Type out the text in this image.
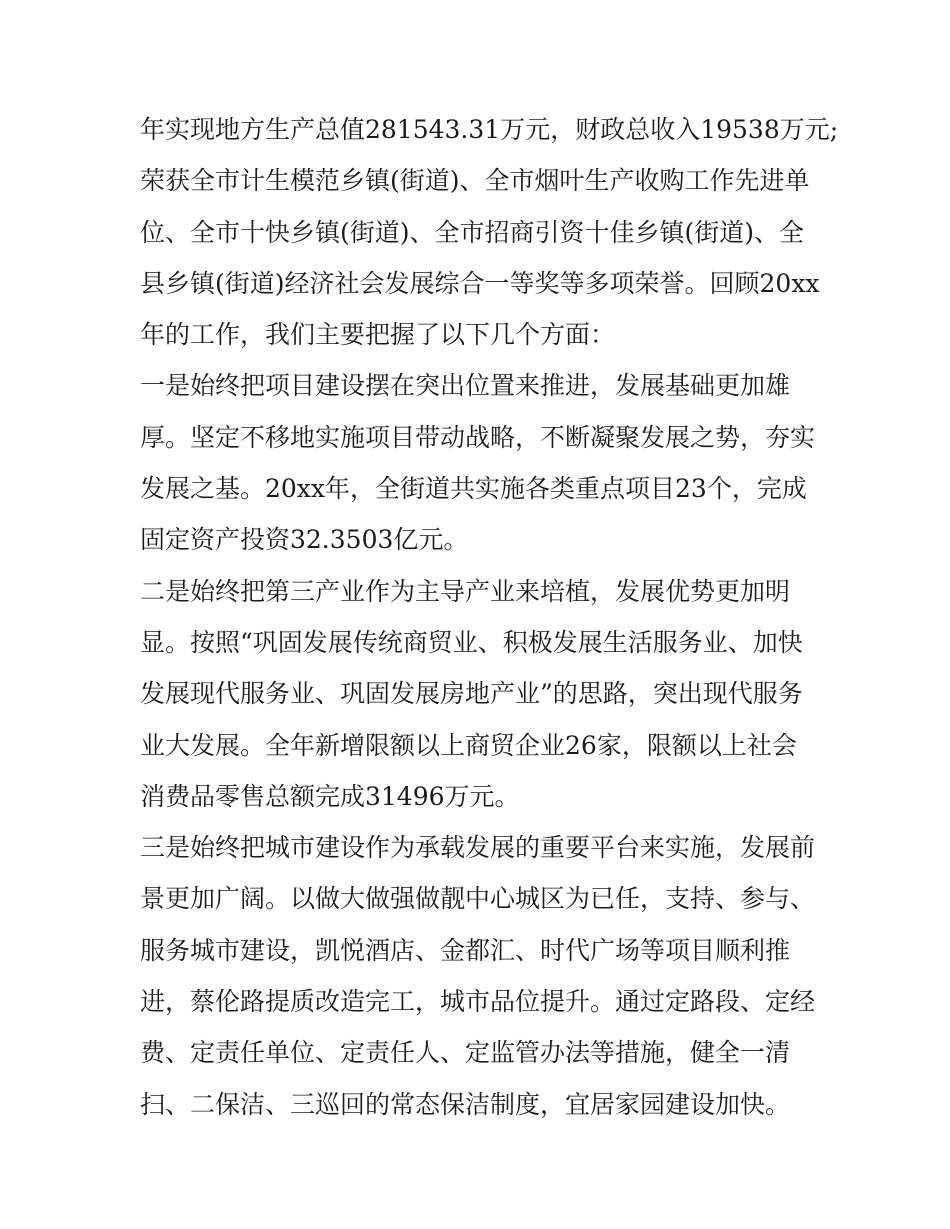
年实现地方生产总值281543.31万元，财政总收入19538万元;
荣获全市计生模范乡镇(街道)、全市烟叶生产收购工作先进单
位、全市十快乡镇(街道)、全市招商引资十佳乡镇(街道)、全
县乡镇(街道)经济社会发展综合一等奖等多项荣誉。回顾20xx
年的工作，我们主要把握了以下几个方面：
一是始终把项目建设摆在突出位置来推进，发展基础更加雄
厚。坚定不移地实施项目带动战略，不断凝聚发展之势，夯实
发展之基。20xx年，全街道共实施各类重点项目23个，完成
固定资产投资32.3503亿元。
二是始终把第三产业作为主导产业来培植，发展优势更加明
显。按照“巩固发展传统商贸业、积极发展生活服务业、加快
发展现代服务业、巩固发展房地产业”的思路，突出现代服务
业大发展。全年新增限额以上商贸企业26家，限额以上社会
消费品零售总额完成31496万元。
三是始终把城市建设作为承载发展的重要平台来实施，发展前
景更加广阔。以做大做强做靓中心城区为已任，支持、参与、
服务城市建设，凯悦酒店、金都汇、时代广场等项目顺利推
进，蔡伦路提质改造完工，城市品位提升。通过定路段、定经
费、定责任单位、定责任人、定监管办法等措施，健全一清
扫、二保洁、三巡回的常态保洁制度，宜居家园建设加快。
